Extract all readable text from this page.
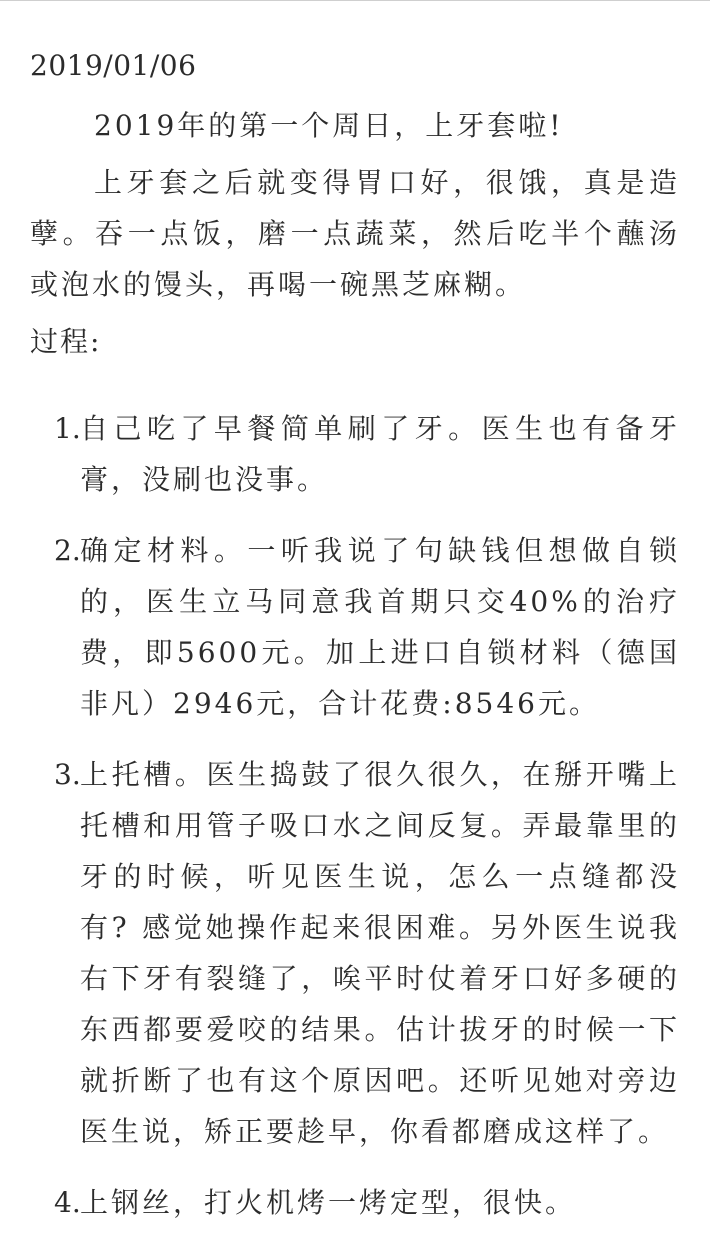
2019/01/06

2019年的第一个周日，上牙套啦!

上牙套之后就变得胃口好，很饿，真是造孽。吞一点饭，磨一点蔬菜，然后吃半个蘸汤或泡水的馒头，再喝一碗黑芝麻糊。

过程:
1. 自己吃了早餐简单刷了牙。医生也有备牙膏，没刷也没事。
2. 确定材料。一听我说了句缺钱但想做自锁的，医生立马同意我首期只交40%的治疗费，即5600元。加上进口自锁材料（德国非凡）2946元，合计花费:8546元。
3. 上托槽。医生捣鼓了很久很久，在掰开嘴上托槽和用管子吸口水之间反复。弄最靠里的牙的时候，听见医生说，怎么一点缝都没有? 感觉她操作起来很困难。另外医生说我右下牙有裂缝了，唉平时仗着牙口好多硬的东西都要爱咬的结果。估计拔牙的时候一下就折断了也有这个原因吧。还听见她对旁边医生说，矫正要趁早，你看都磨成这样了。
4. 上钢丝，打火机烤一烤定型，很快。
